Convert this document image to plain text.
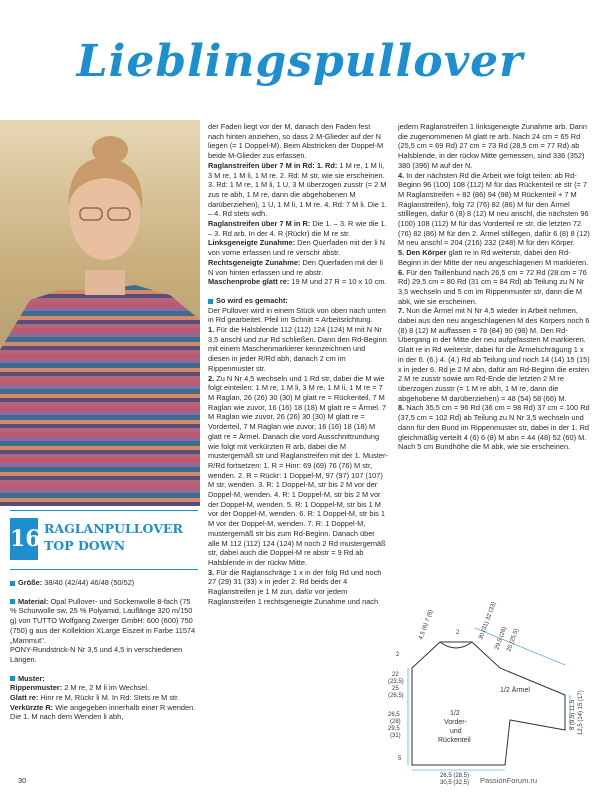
Lieblingspullover
16 RAGLANPULLOVER TOP DOWN

Größe: 38/40 (42/44) 46/48 (50/52)

Material: Opal Pullover- und Sockenwolle 8-fach (75 % Schurwolle sw, 25 % Polyamid, Lauflänge 320 m/150 g) von TUTTO Wolfgang Zwerger GmbH: 600 (600) 750 (750) g aus der Kollektion XLarge Eiszeit in Farbe 11574 „Mammut".

PONY-Rundstrick-N Nr 3,5 und 4,5 in verschiedenen Längen.

Muster:

Rippenmuster: 2 M re, 2 M li im Wechsel.

Glatt re: Hinr re M, Rückr li M. In Rd: Stets re M str.

Verkürzte R: Wie angegeben innerhalb einer R wenden. Die 1. M nach dem Wenden li abh,

der Faden liegt vor der M, danach den Faden fest nach hinten anziehen, so dass 2 M-Glieder auf der N liegen (= 1 Doppel-M). Beim Abstricken der Doppel-M beide M-Glieder zus erfassen.

Raglanstreifen über 7 M in Rd: 1. Rd: 1 M re, 1 M li, 3 M re, 1 M li, 1 M re. 2. Rd: M str, wie sie erscheinen. 3. Rd: 1 M re, 1 M li, 1 U, 3 M überzogen zusstr (= 2 M zus re abh, 1 M re, dann die abgehobenen M darüberziehen), 1 U, 1 M li, 1 M re. 4. Rd: 7 M li. Die 1. – 4. Rd stets wdh.

Raglanstreifen über 7 M in R: Die 1. – 3. R wie die 1. – 3. Rd arb. In der 4. R (Rückr) die M re str.

Linksgeneigte Zunahme: Den Querfaden mit der li N von vorne erfassen und re verschr abstr.

Rechtsgeneigte Zunahme: Den Querfaden mit der li N von hinten erfassen und re abstr.

Maschenprobe glatt re: 19 M und 27 R = 10 x 10 cm.

So wird es gemacht:

Der Pullover wird in einem Stück von oben nach unten in Rd gearbeitet. Pfeil im Schnitt = Arbeitsrichtung.

1. Für die Halsblende 112 (112) 124 (124) M mit N Nr 3,5 anschl und zur Rd schließen. Dann den Rd-Beginn mit einem Maschenmarkierer kennzeichnen und diesen in jeder R/Rd abh, danach 2 cm im Rippenmuster str.

2. Zu N Nr 4,5 wechseln und 1 Rd str, dabei die M wie folgt einteilen: 1 M re, 1 M li, 3 M re, 1 M li, 1 M re = 7 M Raglan, 26 (26) 30 (30) M glatt re = Rückenteil, 7 M Raglan wie zuvor, 16 (16) 18 (18) M glatt re = Ärmel, 7 M Raglan wie zuvor, 26 (26) 30 (30) M glatt re = Vorderteil, 7 M Raglan wie zuvor, 16 (16) 18 (18) M glatt re = Ärmel. Danach die vord Ausschnittrundung wie folgt mit verkürzten R arb, dabei die M mustergemäß str und Raglanstreifen mit der 1. Muster-R/Rd fortsetzen: 1. R = Hinr: 69 (69) 76 (76) M str, wenden. 2. R = Rückr: 1 Doppel-M, 97 (97) 107 (107) M str, wenden. 3. R: 1 Doppel-M, str bis 2 M vor der Doppel-M, wenden. 4. R: 1 Doppel-M, str bis 2 M vor der Doppel-M, wenden. 5. R: 1 Doppel-M, str bis 1 M vor der Doppel-M, wenden. 6. R: 1 Doppel-M, str bis 1 M vor der Doppel-M, wenden. 7. R: 1 Doppel-M, mustergemäß str bis zum Rd-Beginn. Danach über alle M 112 (112) 124 (124) M noch 2 Rd mustergemäß str, dabei auch die Doppel-M re abstr = 9 Rd ab Halsblende in der rückw Mitte.

3. Für die Raglanschräge 1 x in der folg Rd und noch 27 (29) 31 (33) x in jeder 2. Rd beids der 4 Raglanstreifen je 1 M zun, dafür vor jedem Raglanstreifen 1 rechtsgeneigte Zunahme und nach

jedem Raglanstreifen 1 linksgeneigte Zunahme arb. Dann die zugenommenen M glatt re arb. Nach 24 cm = 65 Rd (25,5 cm = 69 Rd) 27 cm = 73 Rd (28,5 cm = 77 Rd) ab Halsblende, in der rückw Mitte gemessen, sind 336 (352) 380 (396) M auf der N.

4. In der nächsten Rd die Arbeit wie folgt teilen: ab Rd-Beginn 96 (100) 108 (112) M für das Rückenteil re str (= 7 M Raglanstreifen + 82 (86) 94 (98) M Rückenteil + 7 M Raglanstreifen), folg 72 (76) 82 (86) M für den Ärmel stilllegen, dafür 6 (8) 8 (12) M neu anschl, die nächsten 96 (100) 108 (112) M für das Vorderteil re str, die letzten 72 (76) 82 (86) M für den 2. Ärmel stilllegen, dafür 6 (8) 8 (12) M neu anschl = 204 (216) 232 (248) M für den Körper.

5. Den Körper glatt re in Rd weiterstr, dabei den Rd-Beginn in der Mitte der neu angeschlagenen M markieren.

6. Für den Taillenbund nach 26,5 cm = 72 Rd (28 cm = 76 Rd) 29,5 cm = 80 Rd (31 cm = 84 Rd) ab Teilung zu N Nr 3,5 wechseln und 5 cm im Rippenmuster str, dann die M abk, wie sie erscheinen.

7. Nun die Ärmel mit N Nr 4,5 wieder in Arbeit nehmen, dabei aus den neu angeschlagenen M des Körpers noch 6 (8) 8 (12) M auffassen = 78 (84) 90 (98) M. Den Rd-Übergang in der Mitte der neu aufgefassten M markieren. Glatt re in Rd weiterstr, dabei für die Ärmelschrägung 1 x in der 6. (6.) 4. (4.) Rd ab Teilung und noch 14 (14) 15 (15) x in jeder 6. Rd je 2 M abn, dafür am Rd-Beginn die ersten 2 M re zusstr sowie am Rd-Ende die letzten 2 M re überzogen zusstr (= 1 M re abh, 1 M re, dann die abgehobene M darüberziehen) = 48 (54) 58 (66) M.

8. Nach 35,5 cm = 96 Rd (36 cm = 98 Rd) 37 cm = 100 Rd (37,5 cm = 102 Rd) ab Teilung zu N Nr 3,5 wechseln und dann für den Bund im Rippenmuster str, dabei in der 1. Rd gleichmäßig verteilt 4 (6) 6 (8) M abn = 44 (48) 52 (60) M. Nach 5 cm Bundhöhe die M abk, wie sie erscheinen.

1/2 Ärmel
1/2
Vorder-
und
Rückenteil
4,5 (6) 7 (8)	2	30 (31) 32 (33)
29,5 (26)
25 (25,5)
2
22
(23,5)
25
(26,5)
26,5
(28)
29,5
(31)
5
8 (9,5) 11,5 12,5 (14) 15 (17)
26,5 (28,5)
30,5 (32,5)
30	PassionForum.ru
